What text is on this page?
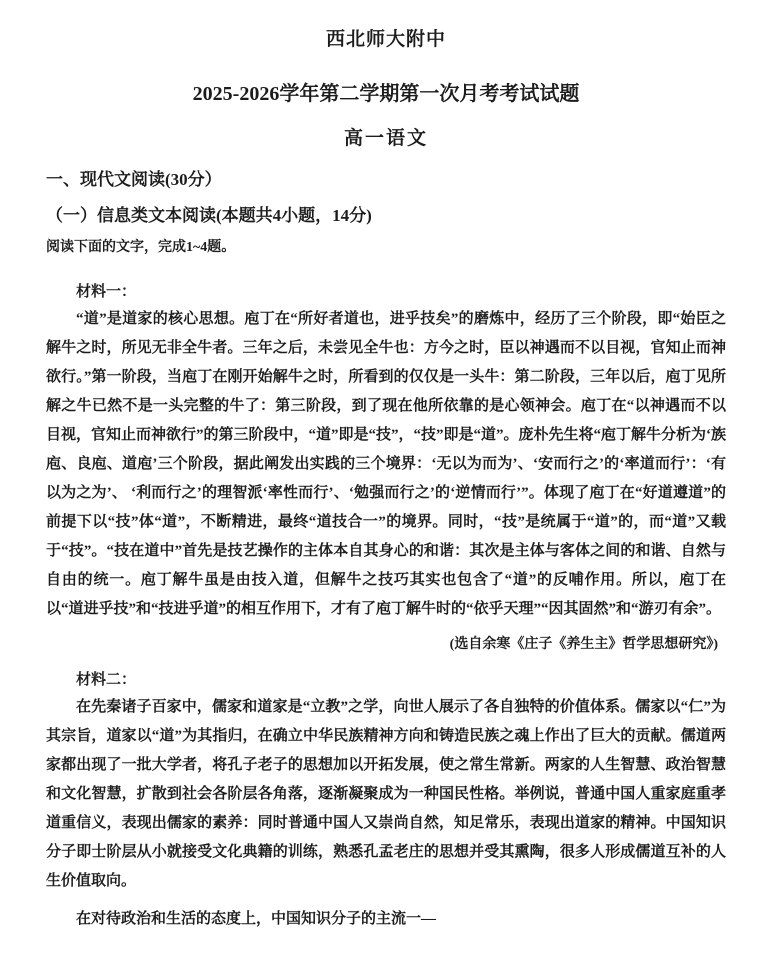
西北师大附中
2025-2026学年第二学期第一次月考考试试题
高一语文

一、现代文阅读(30分）

（一）信息类文本阅读(本题共4小题，14分)

阅读下面的文字，完成1~4题。

材料一：

“道”是道家的核心思想。庖丁在“所好者道也，进乎技矣”的磨炼中，经历了三个阶段，即“始臣之解牛之时，所见无非全牛者。三年之后，未尝见全牛也：方今之时，臣以神遇而不以目视，官知止而神欲行。”第一阶段，当庖丁在刚开始解牛之时，所看到的仅仅是一头牛：第二阶段，三年以后，庖丁见所解之牛已然不是一头完整的牛了：第三阶段，到了现在他所依靠的是心领神会。庖丁在“以神遇而不以目视，官知止而神欲行”的第三阶段中，“道”即是“技”，“技”即是“道”。庞朴先生将“庖丁解牛分析为‘族庖、良庖、道庖’三个阶段，据此阐发出实践的三个境界：‘无以为而为’、‘安而行之’的‘率道而行’：‘有以为之为’、 ‘利而行之’的理智派‘率性而行’、‘勉强而行之’的‘逆情而行’”。体现了庖丁在“好道遵道”的前提下以“技”体“道”，不断精进，最终“道技合一”的境界。同时，“技”是统属于“道”的，而“道”又载于“技”。“技在道中”首先是技艺操作的主体本自其身心的和谐：其次是主体与客体之间的和谐、自然与自由的统一。庖丁解牛虽是由技入道，但解牛之技巧其实也包含了“道”的反哺作用。所以，庖丁在以“道进乎技”和“技进乎道”的相互作用下，才有了庖丁解牛时的“依乎天理”“因其固然”和“游刃有余”。

(选自余寒《庄子《养生主》哲学思想研究》)

材料二：

在先秦诸子百家中，儒家和道家是“立教”之学，向世人展示了各自独特的价值体系。儒家以“仁”为其宗旨，道家以“道”为其指归，在确立中华民族精神方向和铸造民族之魂上作出了巨大的贡献。儒道两家都出现了一批大学者，将孔子老子的思想加以开拓发展，使之常生常新。两家的人生智慧、政治智慧和文化智慧，扩散到社会各阶层各角落，逐渐凝聚成为一种国民性格。举例说，普通中国人重家庭重孝道重信义，表现出儒家的素养：同时普通中国人又崇尚自然，知足常乐，表现出道家的精神。中国知识分子即士阶层从小就接受文化典籍的训练，熟悉孔孟老庄的思想并受其熏陶，很多人形成儒道互补的人生价值取向。

在对待政治和生活的态度上，中国知识分子的主流一—
